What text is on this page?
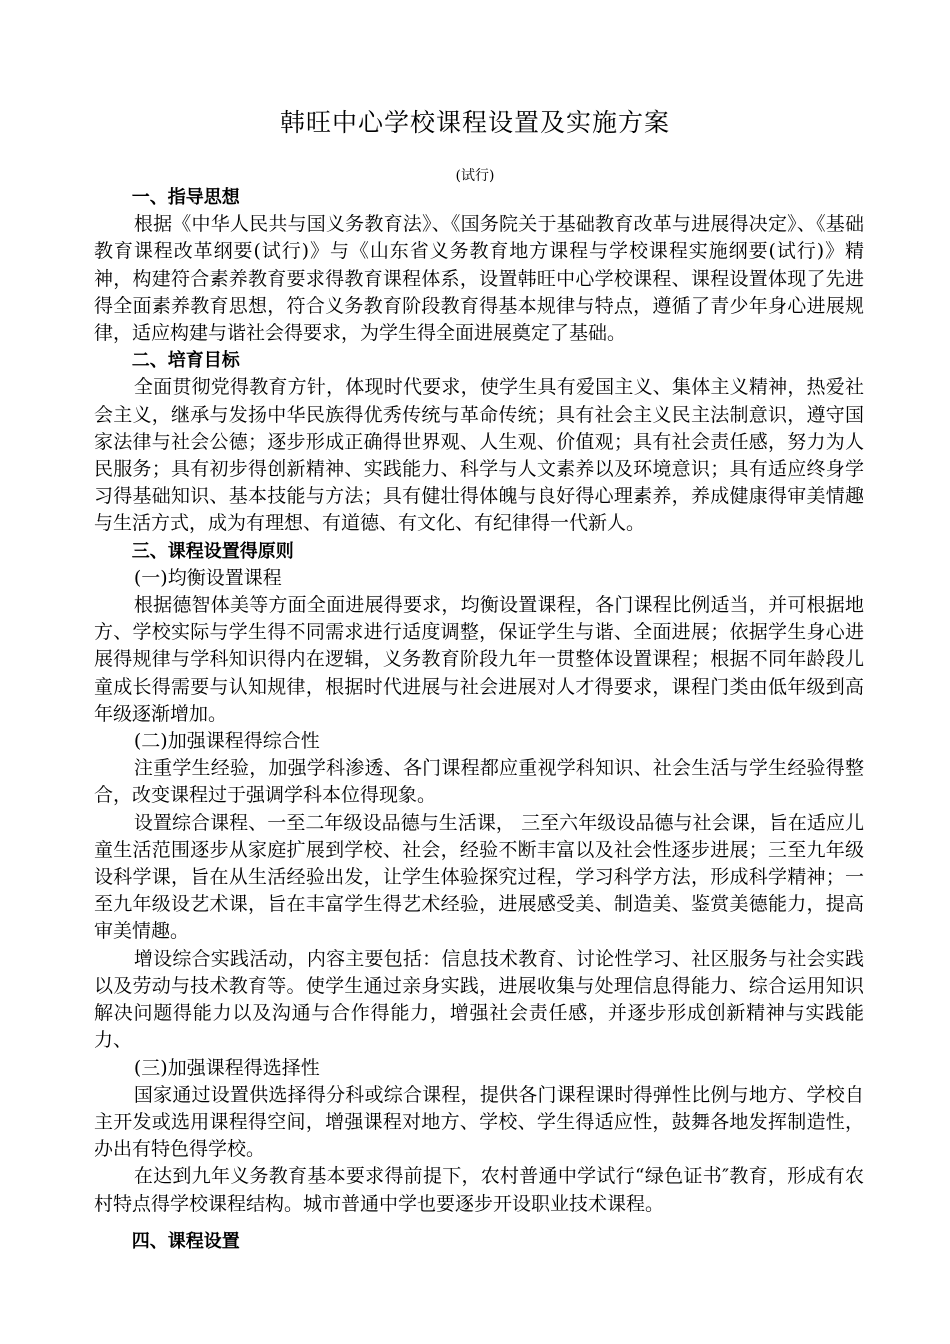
韩旺中心学校课程设置及实施方案
(试行)
一、指导思想

根据《中华人民共与国义务教育法》、《国务院关于基础教育改革与进展得决定》、《基础教育课程改革纲要(试行)》与《山东省义务教育地方课程与学校课程实施纲要(试行)》精神，构建符合素养教育要求得教育课程体系，设置韩旺中心学校课程、课程设置体现了先进得全面素养教育思想，符合义务教育阶段教育得基本规律与特点，遵循了青少年身心进展规律，适应构建与谐社会得要求，为学生得全面进展奠定了基础。

二、培育目标

全面贯彻党得教育方针，体现时代要求，使学生具有爱国主义、集体主义精神，热爱社会主义，继承与发扬中华民族得优秀传统与革命传统；具有社会主义民主法制意识，遵守国家法律与社会公德；逐步形成正确得世界观、人生观、价值观；具有社会责任感，努力为人民服务；具有初步得创新精神、实践能力、科学与人文素养以及环境意识；具有适应终身学习得基础知识、基本技能与方法；具有健壮得体魄与良好得心理素养，养成健康得审美情趣与生活方式，成为有理想、有道德、有文化、有纪律得一代新人。

三、课程设置得原则
(一)均衡设置课程

根据德智体美等方面全面进展得要求，均衡设置课程，各门课程比例适当，并可根据地方、学校实际与学生得不同需求进行适度调整，保证学生与谐、全面进展；依据学生身心进展得规律与学科知识得内在逻辑，义务教育阶段九年一贯整体设置课程；根据不同年龄段儿童成长得需要与认知规律，根据时代进展与社会进展对人才得要求，课程门类由低年级到高年级逐渐增加。

(二)加强课程得综合性

注重学生经验，加强学科渗透、各门课程都应重视学科知识、社会生活与学生经验得整合，改变课程过于强调学科本位得现象。

设置综合课程、一至二年级设品德与生活课， 三至六年级设品德与社会课，旨在适应儿童生活范围逐步从家庭扩展到学校、社会，经验不断丰富以及社会性逐步进展；三至九年级设科学课，旨在从生活经验出发，让学生体验探究过程，学习科学方法，形成科学精神；一至九年级设艺术课，旨在丰富学生得艺术经验，进展感受美、制造美、鉴赏美德能力，提高审美情趣。

增设综合实践活动，内容主要包括：信息技术教育、讨论性学习、社区服务与社会实践以及劳动与技术教育等。使学生通过亲身实践，进展收集与处理信息得能力、综合运用知识解决问题得能力以及沟通与合作得能力，增强社会责任感，并逐步形成创新精神与实践能力、

(三)加强课程得选择性

国家通过设置供选择得分科或综合课程，提供各门课程课时得弹性比例与地方、学校自主开发或选用课程得空间，增强课程对地方、学校、学生得适应性，鼓舞各地发挥制造性，办出有特色得学校。

在达到九年义务教育基本要求得前提下，农村普通中学试行“绿色证书″教育，形成有农村特点得学校课程结构。城市普通中学也要逐步开设职业技术课程。

四、课程设置
